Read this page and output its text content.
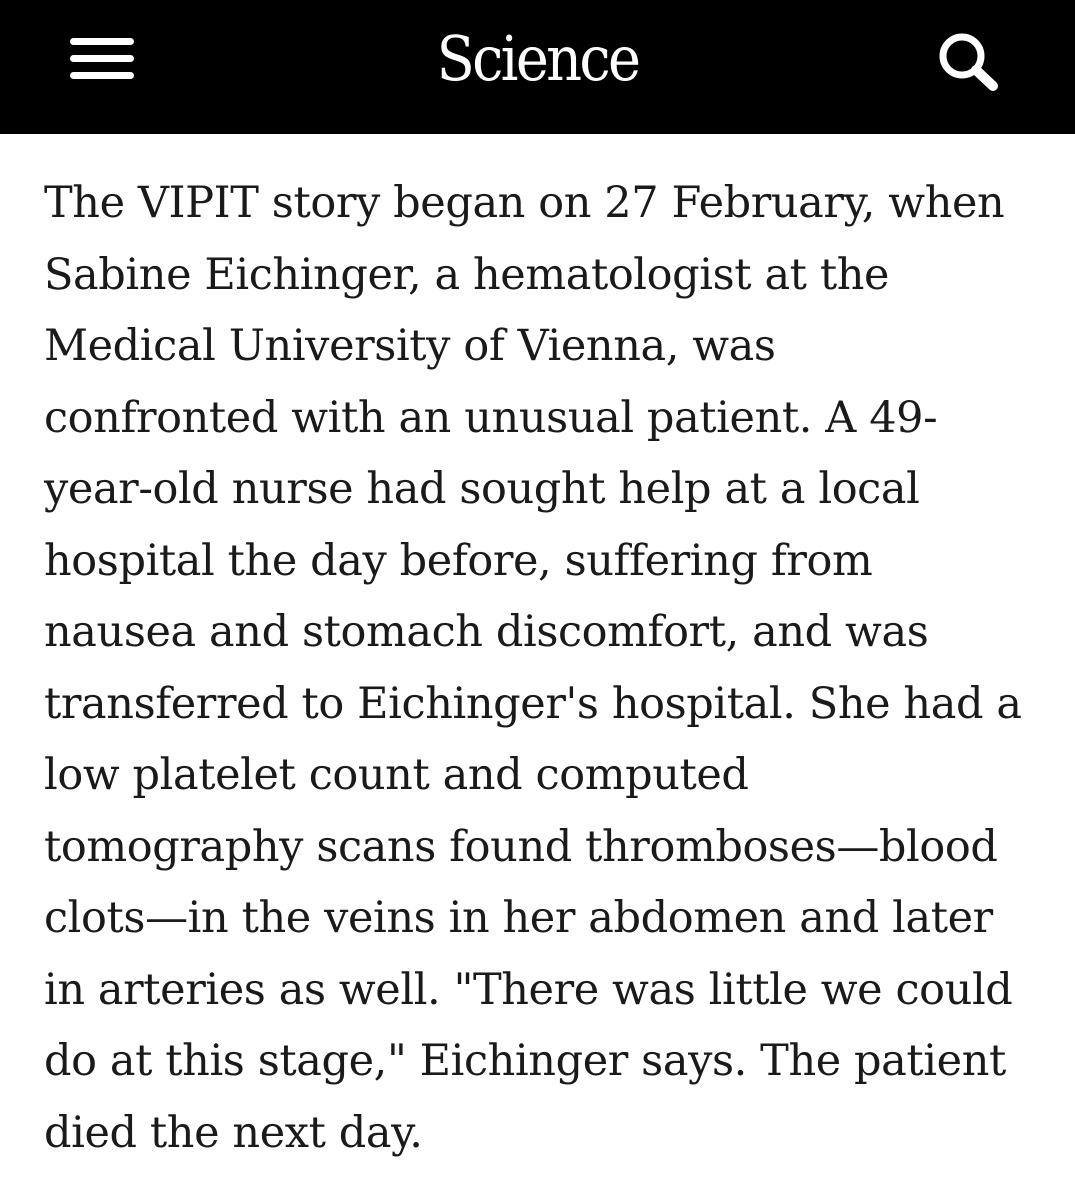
Science

The VIPIT story began on 27 February, when
Sabine Eichinger, a hematologist at the
Medical University of Vienna, was
confronted with an unusual patient. A 49-
year-old nurse had sought help at a local
hospital the day before, suffering from
nausea and stomach discomfort, and was
transferred to Eichinger's hospital. She had a
low platelet count and computed
tomography scans found thromboses—blood
clots—in the veins in her abdomen and later
in arteries as well. "There was little we could
do at this stage," Eichinger says. The patient
died the next day.
